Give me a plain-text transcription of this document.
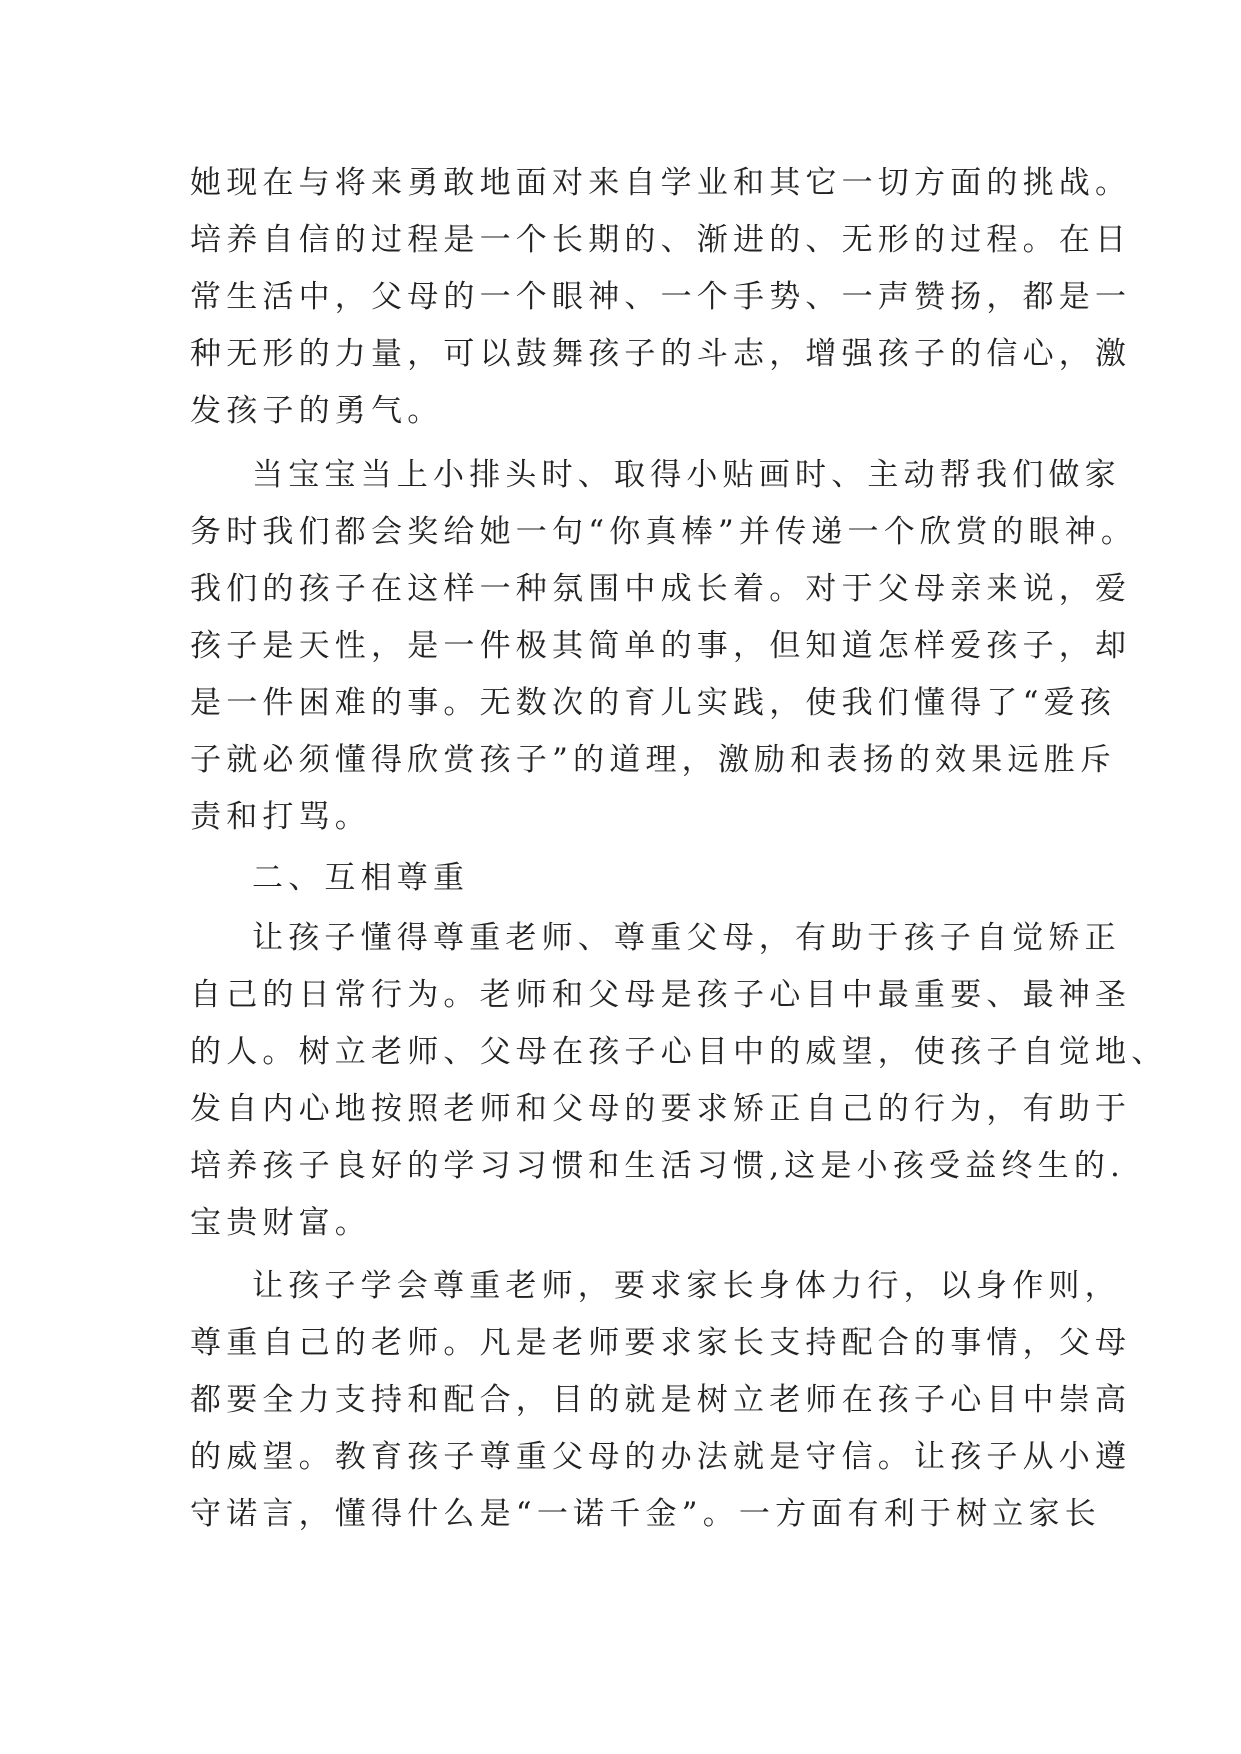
她现在与将来勇敢地面对来自学业和其它一切方面的挑战。
培养自信的过程是一个长期的、渐进的、无形的过程。在日
常生活中，父母的一个眼神、一个手势、一声赞扬，都是一
种无形的力量，可以鼓舞孩子的斗志，增强孩子的信心，激
发孩子的勇气。
当宝宝当上小排头时、取得小贴画时、主动帮我们做家
务时我们都会奖给她一句“你真棒”并传递一个欣赏的眼神。
我们的孩子在这样一种氛围中成长着。对于父母亲来说，爱
孩子是天性，是一件极其简单的事，但知道怎样爱孩子，却
是一件困难的事。无数次的育儿实践，使我们懂得了“爱孩
子就必须懂得欣赏孩子”的道理，激励和表扬的效果远胜斥
责和打骂。
二、互相尊重
让孩子懂得尊重老师、尊重父母，有助于孩子自觉矫正
自己的日常行为。老师和父母是孩子心目中最重要、最神圣
的人。树立老师、父母在孩子心目中的威望，使孩子自觉地、
发自内心地按照老师和父母的要求矫正自己的行为，有助于
培养孩子良好的学习习惯和生活习惯,这是小孩受益终生的.
宝贵财富。
让孩子学会尊重老师，要求家长身体力行，以身作则，
尊重自己的老师。凡是老师要求家长支持配合的事情，父母
都要全力支持和配合，目的就是树立老师在孩子心目中崇高
的威望。教育孩子尊重父母的办法就是守信。让孩子从小遵
守诺言，懂得什么是“一诺千金”。一方面有利于树立家长
